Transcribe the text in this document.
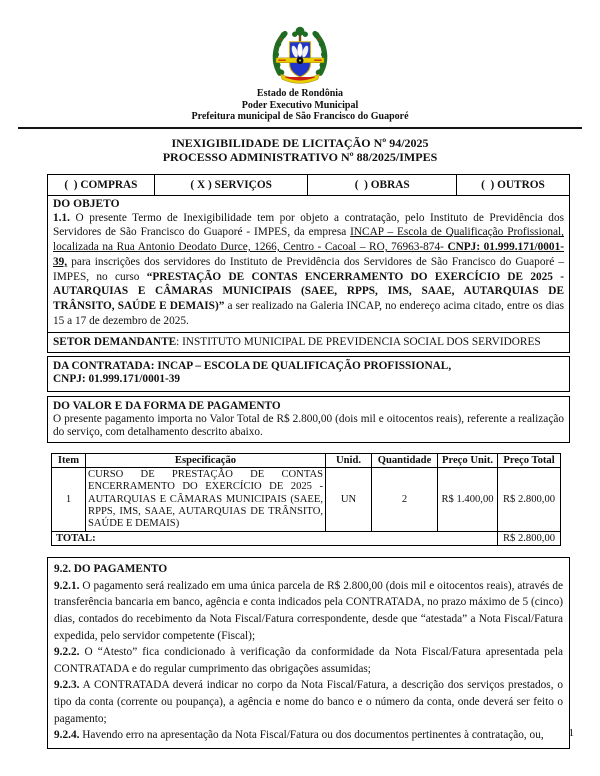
Estado de Rondônia
Poder Executivo Municipal
Prefeitura municipal de São Francisco do Guaporé
INEXIGIBILIDADE DE LICITAÇÃO Nº 94/2025
PROCESSO ADMINISTRATIVO Nº 88/2025/IMPES
(  ) COMPRAS	( X ) SERVIÇOS	(  ) OBRAS	(  ) OUTROS
DO OBJETO

1.1. O presente Termo de Inexigibilidade tem por objeto a contratação, pelo Instituto de Previdência dos Servidores de São Francisco do Guaporé - IMPES, da empresa INCAP – Escola de Qualificação Profissional, localizada na Rua Antonio Deodato Durce, 1266, Centro - Cacoal – RO, 76963-874- CNPJ: 01.999.171/0001-39, para inscrições dos servidores do Instituto de Previdência dos Servidores de São Francisco do Guaporé – IMPES, no curso “PRESTAÇÃO DE CONTAS ENCERRAMENTO DO EXERCÍCIO DE 2025 - AUTARQUIAS E CÂMARAS MUNICIPAIS (SAEE, RPPS, IMS, SAAE, AUTARQUIAS DE TRÂNSITO, SAÚDE E DEMAIS)” a ser realizado na Galeria INCAP, no endereço acima citado, entre os dias 15 a 17 de dezembro de 2025.

SETOR DEMANDANTE: INSTITUTO MUNICIPAL DE PREVIDENCIA SOCIAL DOS SERVIDORES
DA CONTRATADA: INCAP – ESCOLA DE QUALIFICAÇÃO PROFISSIONAL,
CNPJ: 01.999.171/0001-39
DO VALOR E DA FORMA DE PAGAMENTO

O presente pagamento importa no Valor Total de R$ 2.800,00 (dois mil e oitocentos reais), referente a realização do serviço, com detalhamento descrito abaixo.

Item	Especificação	Unid.	Quantidade	Preço Unit.	Preço Total
1	CURSO DE PRESTAÇÃO DE CONTAS ENCERRAMENTO DO EXERCÍCIO DE 2025 - AUTARQUIAS E CÂMARAS MUNICIPAIS (SAEE, RPPS, IMS, SAAE, AUTARQUIAS DE TRÂNSITO, SAÚDE E DEMAIS)	UN	2	R$ 1.400,00	R$ 2.800,00
TOTAL:					R$ 2.800,00
9.2. DO PAGAMENTO

9.2.1. O pagamento será realizado em uma única parcela de R$ 2.800,00 (dois mil e oitocentos reais), através de transferência bancaria em banco, agência e conta indicados pela CONTRATADA, no prazo máximo de 5 (cinco) dias, contados do recebimento da Nota Fiscal/Fatura correspondente, desde que “atestada” a Nota Fiscal/Fatura expedida, pelo servidor competente (Fiscal);

9.2.2. O “Atesto” fica condicionado à verificação da conformidade da Nota Fiscal/Fatura apresentada pela CONTRATADA e do regular cumprimento das obrigações assumidas;

9.2.3. A CONTRATADA deverá indicar no corpo da Nota Fiscal/Fatura, a descrição dos serviços prestados, o tipo da conta (corrente ou poupança), a agência e nome do banco e o número da conta, onde deverá ser feito o pagamento;

9.2.4. Havendo erro na apresentação da Nota Fiscal/Fatura ou dos documentos pertinentes à contratação, ou,	1
